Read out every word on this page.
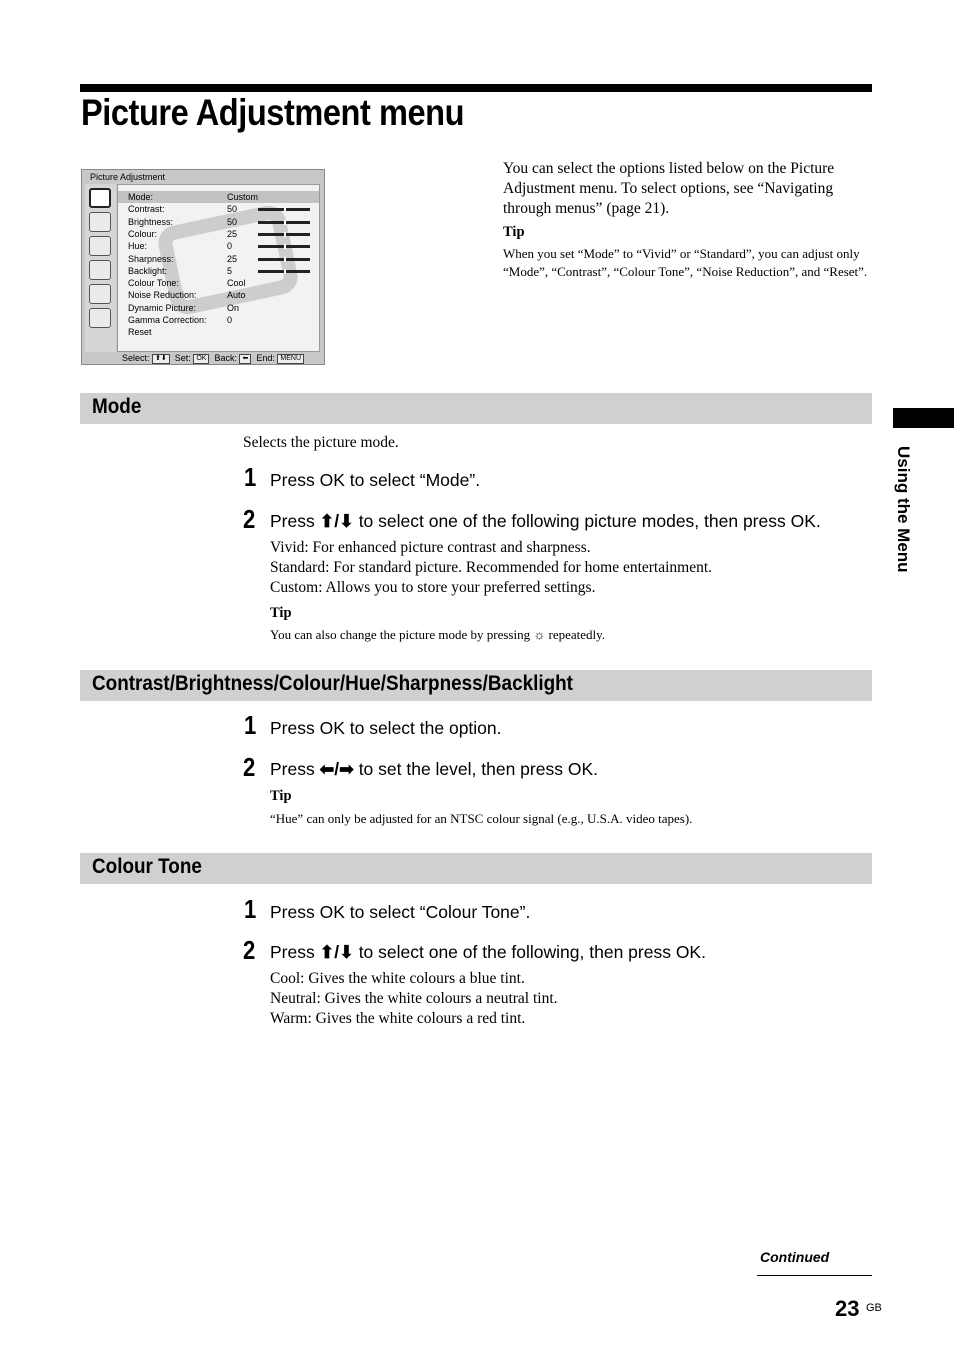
Picture Adjustment menu
Picture Adjustment
Mode:	Custom
Contrast:	50
Brightness:	50
Colour:	25
Hue:	0
Sharpness:	25
Backlight:	5
Colour Tone:	Cool
Noise Reduction:	Auto
Dynamic Picture:	On
Gamma Correction: 0
Reset
Select: ⬆⬇ Set: OK Back: ⬅ End: MENU
You can select the options listed below on the Picture Adjustment menu. To select options, see “Navigating through menus” (page 21).
Tip
When you set “Mode” to “Vivid” or “Standard”, you can adjust only “Mode”, “Contrast”, “Colour Tone”, “Noise Reduction”, and “Reset”.
Using the Menu
Mode
Selects the picture mode.
1 Press OK to select “Mode”.
2 Press ⬆/⬇ to select one of the following picture modes, then press OK.
Vivid: For enhanced picture contrast and sharpness.
Standard: For standard picture. Recommended for home entertainment.
Custom: Allows you to store your preferred settings.
Tip
You can also change the picture mode by pressing ☼ repeatedly.
Contrast/Brightness/Colour/Hue/Sharpness/Backlight
1 Press OK to select the option.
2 Press ⬅/➡ to set the level, then press OK.
Tip
“Hue” can only be adjusted for an NTSC colour signal (e.g., U.S.A. video tapes).
Colour Tone
1 Press OK to select “Colour Tone”.
2 Press ⬆/⬇ to select one of the following, then press OK.
Cool: Gives the white colours a blue tint.
Neutral: Gives the white colours a neutral tint.
Warm: Gives the white colours a red tint.
Continued
23 GB
